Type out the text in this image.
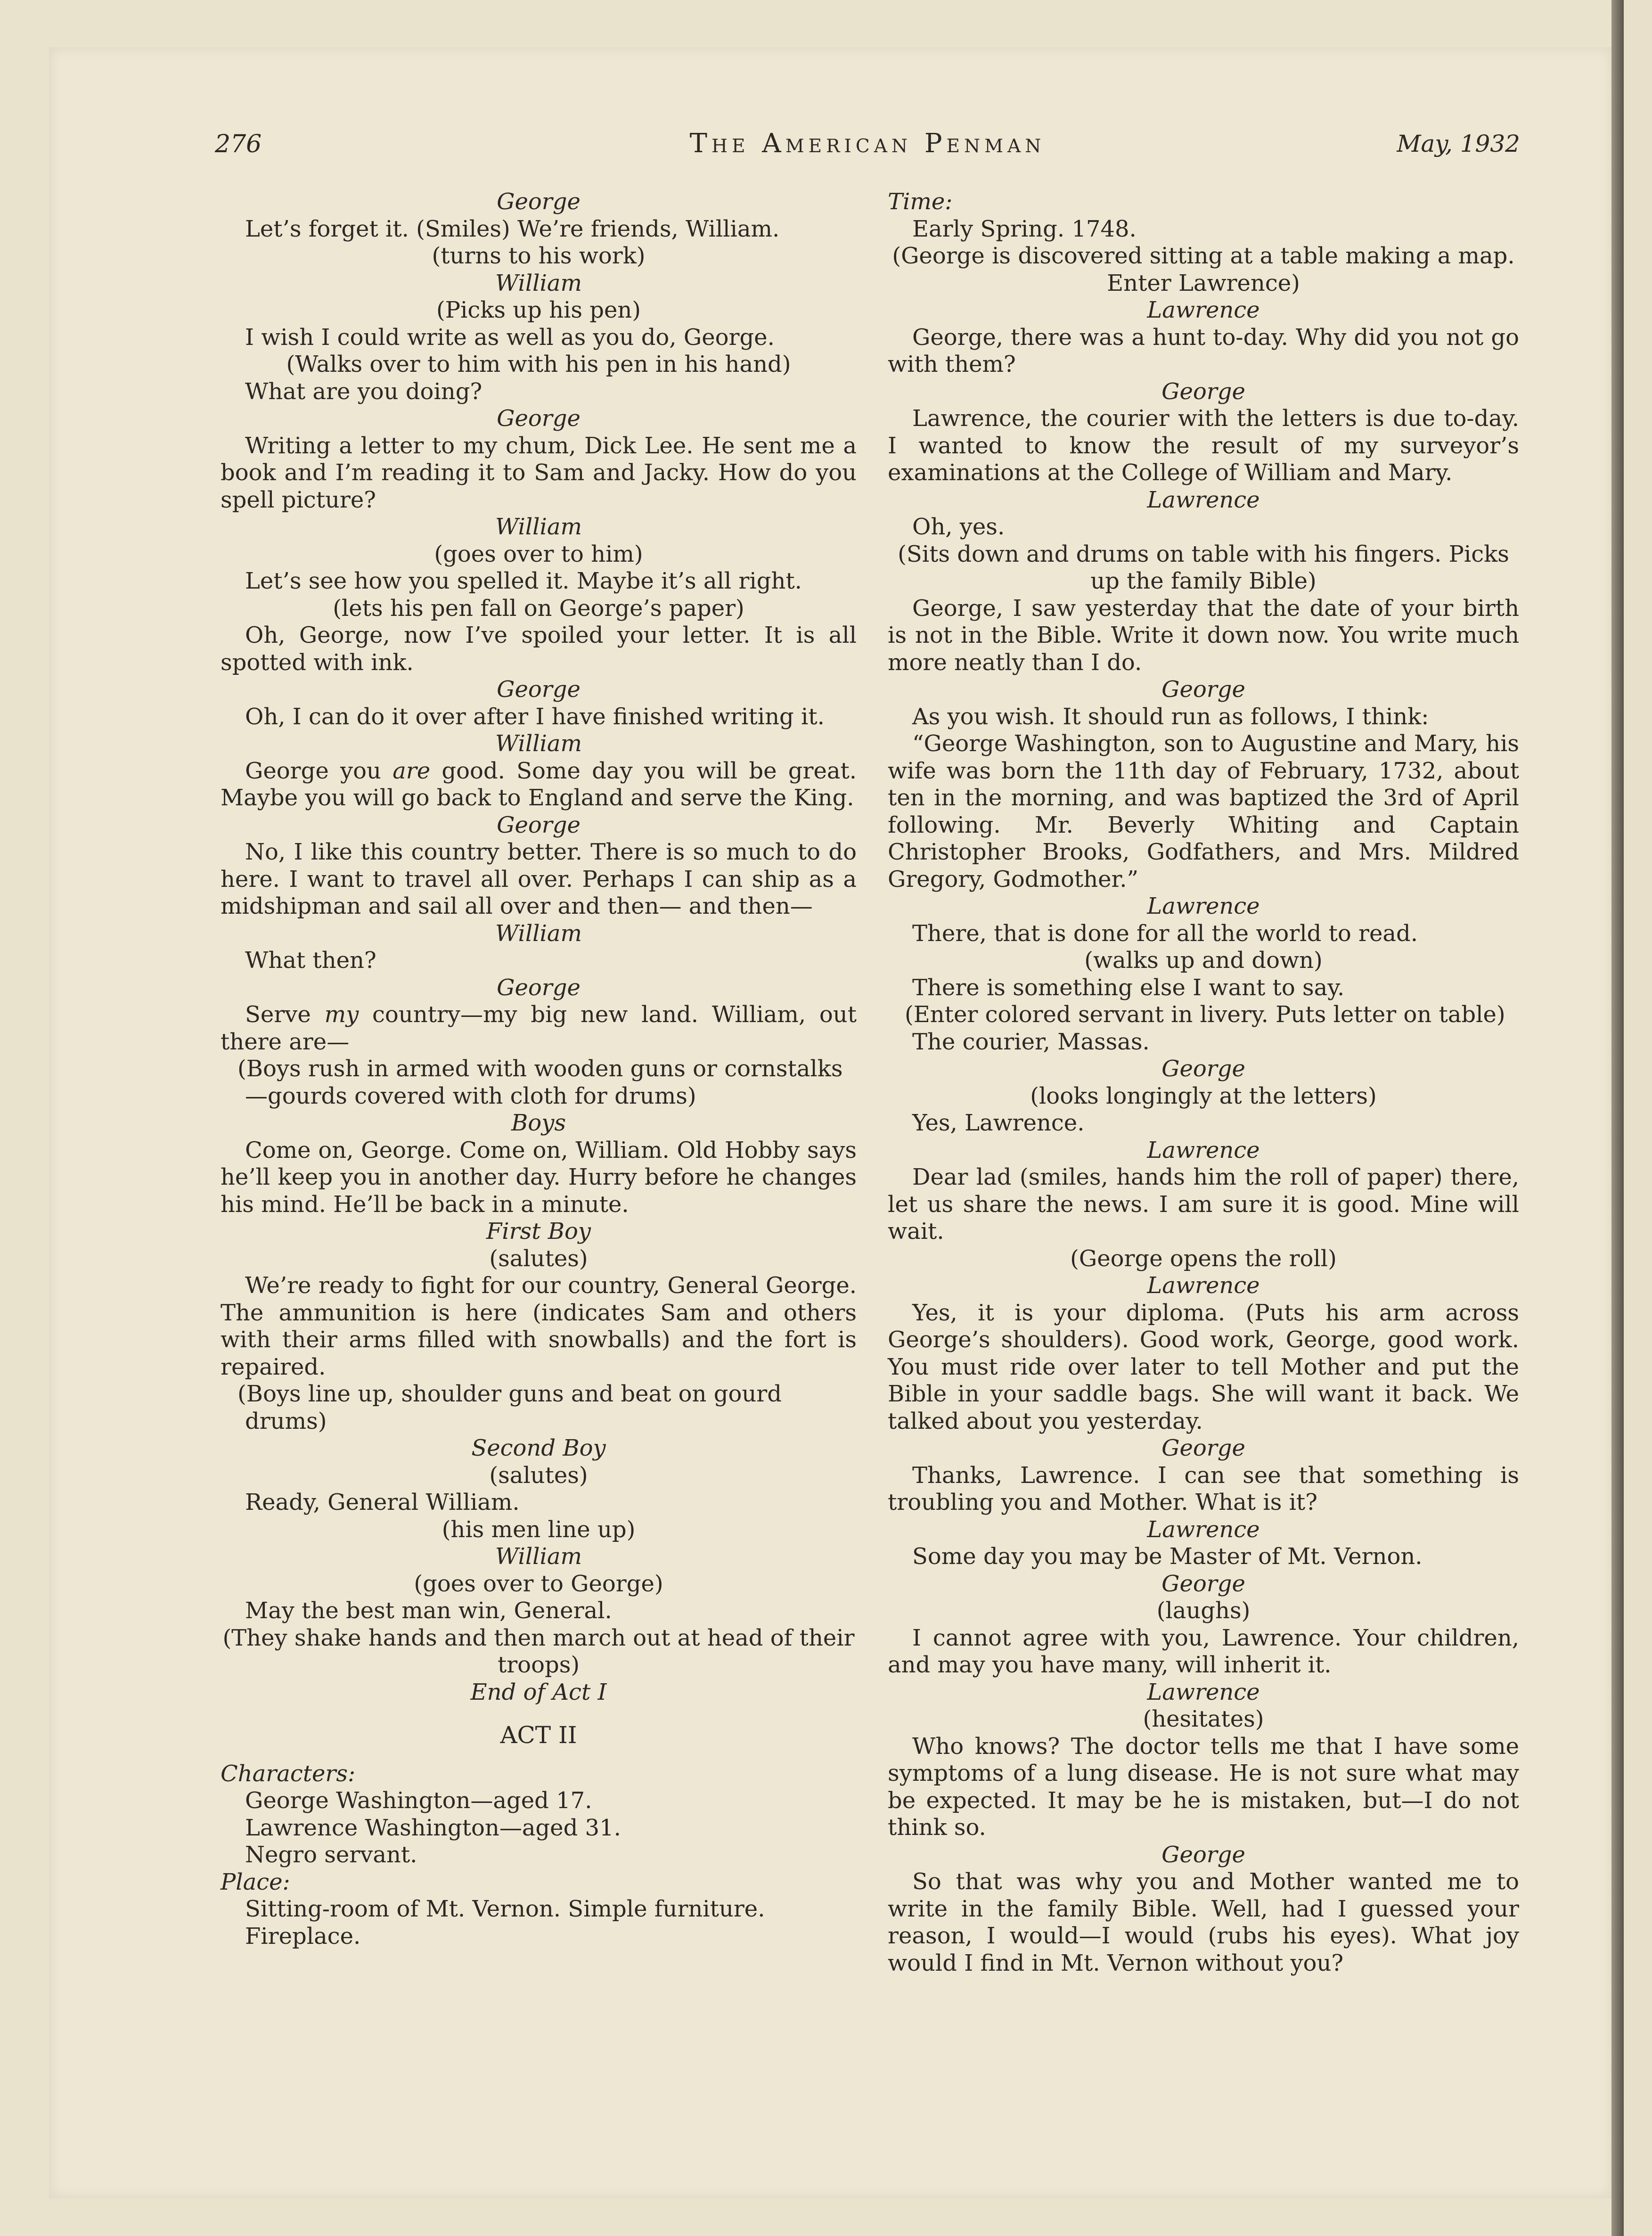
276	The American Penman	May, 1932

George

Let’s forget it. (Smiles) We’re friends, William.

(turns to his work)

William

(Picks up his pen)

I wish I could write as well as you do, George.

(Walks over to him with his pen in his hand)

What are you doing?

George

Writing a letter to my chum, Dick Lee. He sent me a book and I’m reading it to Sam and Jacky. How do you spell picture?

William

(goes over to him)

Let’s see how you spelled it. Maybe it’s all right.

(lets his pen fall on George’s paper)

Oh, George, now I’ve spoiled your letter. It is all spotted with ink.

George

Oh, I can do it over after I have finished writing it.

William

George you are good. Some day you will be great. Maybe you will go back to England and serve the King.

George

No, I like this country better. There is so much to do here. I want to travel all over. Perhaps I can ship as a midshipman and sail all over and then— and then—

William

What then?

George

Serve my country—my big new land. William, out there are—

(Boys rush in armed with wooden guns or cornstalks —gourds covered with cloth for drums)

Boys

Come on, George. Come on, William. Old Hobby says he’ll keep you in another day. Hurry before he changes his mind. He’ll be back in a minute.

First Boy

(salutes)

We’re ready to fight for our country, General George. The ammunition is here (indicates Sam and others with their arms filled with snowballs) and the fort is repaired.

(Boys line up, shoulder guns and beat on gourd drums)

Second Boy

(salutes)

Ready, General William.

(his men line up)

William

(goes over to George)

May the best man win, General.

(They shake hands and then march out at head of their troops)

End of Act I

ACT II

Characters:

George Washington—aged 17.

Lawrence Washington—aged 31.

Negro servant.

Place:

Sitting-room of Mt. Vernon. Simple furniture.

Fireplace.

Time:

Early Spring. 1748.

(George is discovered sitting at a table making a map. Enter Lawrence)

Lawrence

George, there was a hunt to-day. Why did you not go with them?

George

Lawrence, the courier with the letters is due to-day. I wanted to know the result of my surveyor’s examinations at the College of William and Mary.

Lawrence

Oh, yes.

(Sits down and drums on table with his fingers. Picks up the family Bible)

George, I saw yesterday that the date of your birth is not in the Bible. Write it down now. You write much more neatly than I do.

George

As you wish. It should run as follows, I think:

“George Washington, son to Augustine and Mary, his wife was born the 11th day of February, 1732, about ten in the morning, and was baptized the 3rd of April following. Mr. Beverly Whiting and Captain Christopher Brooks, Godfathers, and Mrs. Mildred Gregory, Godmother.”

Lawrence

There, that is done for all the world to read.

(walks up and down)

There is something else I want to say.

(Enter colored servant in livery. Puts letter on table)

The courier, Massas.

George

(looks longingly at the letters)

Yes, Lawrence.

Lawrence

Dear lad (smiles, hands him the roll of paper) there, let us share the news. I am sure it is good. Mine will wait.

(George opens the roll)

Lawrence

Yes, it is your diploma. (Puts his arm across George’s shoulders). Good work, George, good work. You must ride over later to tell Mother and put the Bible in your saddle bags. She will want it back. We talked about you yesterday.

George

Thanks, Lawrence. I can see that something is troubling you and Mother. What is it?

Lawrence

Some day you may be Master of Mt. Vernon.

George

(laughs)

I cannot agree with you, Lawrence. Your children, and may you have many, will inherit it.

Lawrence

(hesitates)

Who knows? The doctor tells me that I have some symptoms of a lung disease. He is not sure what may be expected. It may be he is mistaken, but—I do not think so.

George

So that was why you and Mother wanted me to write in the family Bible. Well, had I guessed your reason, I would—I would (rubs his eyes). What joy would I find in Mt. Vernon without you?
